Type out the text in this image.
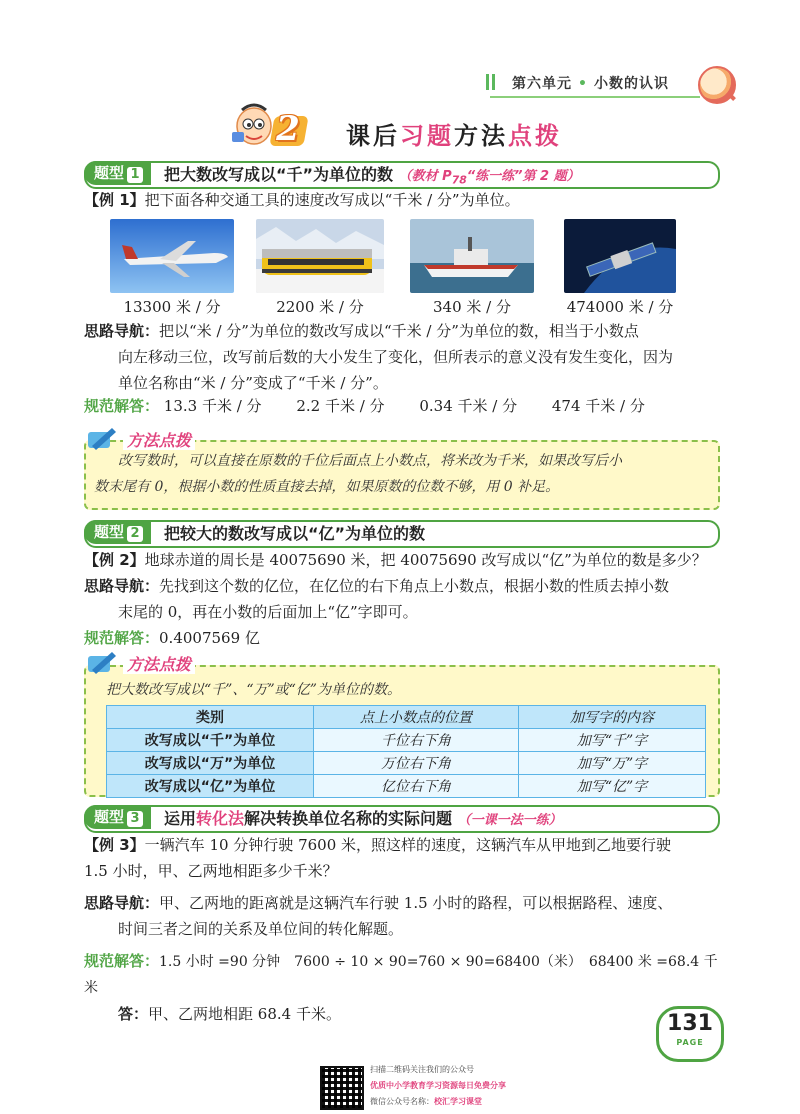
第六单元 • 小数的认识
2	课后习题方法点拨
题型 1	把大数改写成以“千”为单位的数 （教材 $P_{78}“$练一练”第 2 题）
【例 1】把下面各种交通工具的速度改写成以“千米 / 分”为单位。
13300 米 / 分	2200 米 / 分	340 米 / 分	474000 米 / 分
思路导航：把以“米 / 分”为单位的数改写成以“千米 / 分”为单位的数，相当于小数点
向左移动三位，改写前后数的大小发生了变化，但所表示的意义没有发生变化，因为
单位名称由“米 / 分”变成了“千米 / 分”。
规范解答： 13.3 千米 / 分 2.2 千米 / 分 0.34 千米 / 分 474 千米 / 分
改写数时，可以直接在原数的千位后面点上小数点，将米改为千米，如果改写后小
数末尾有 0，根据小数的性质直接去掉，如果原数的位数不够，用 0 补足。
方法点拨
题型 2	把较大的数改写成以“亿”为单位的数
【例 2】地球赤道的周长是 40075690 米，把 40075690 改写成以“亿”为单位的数是多少？
思路导航：先找到这个数的亿位，在亿位的右下角点上小数点，根据小数的性质去掉小数
末尾的 0，再在小数的后面加上“亿”字即可。
规范解答：0.4007569 亿
把大数改写成以“千”、“万”或“亿”为单位的数。
类别	点上小数点的位置	加写字的内容
改写成以“千”为单位	千位右下角	加写“千”字
改写成以“万”为单位	万位右下角	加写“万”字
改写成以“亿”为单位	亿位右下角	加写“亿”字
方法点拨
题型 3	运用转化法解决转换单位名称的实际问题 （一课一法一练）
【例 3】一辆汽车 10 分钟行驶 7600 米，照这样的速度，这辆汽车从甲地到乙地要行驶
1.5 小时，甲、乙两地相距多少千米？
思路导航：甲、乙两地的距离就是这辆汽车行驶 1.5 小时的路程，可以根据路程、速度、
时间三者之间的关系及单位间的转化解题。
规范解答：1.5 小时 =90 分钟　7600 ÷ 10 × 90=760 × 90=68400（米）　68400 米 =68.4 千米
答：甲、乙两地相距 68.4 千米。	131
PAGE
扫描二维码关注我们的公众号
优质中小学教育学习资源每日免费分享
微信公众号名称：校汇学习课堂
